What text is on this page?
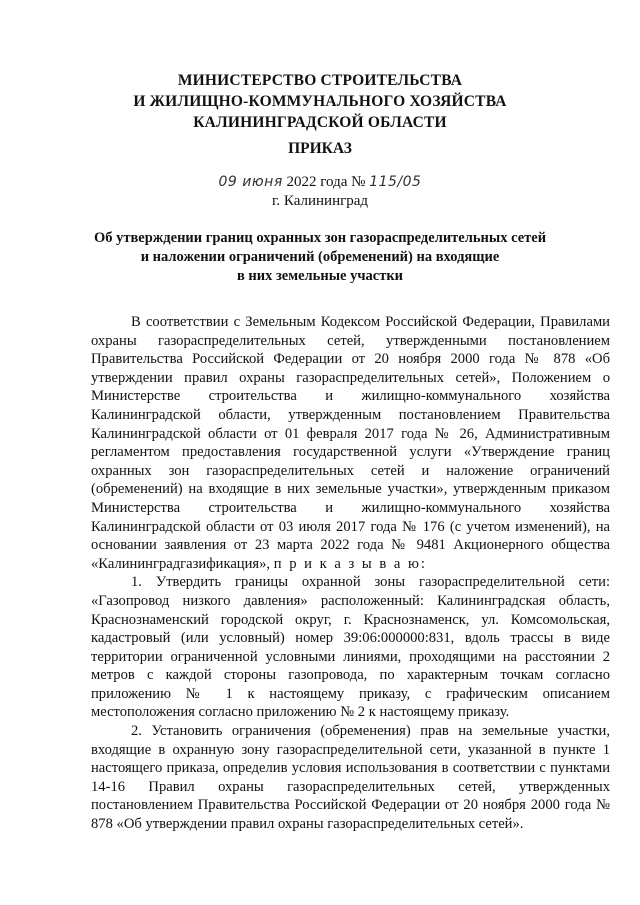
МИНИСТЕРСТВО СТРОИТЕЛЬСТВА
И ЖИЛИЩНО-КОММУНАЛЬНОГО ХОЗЯЙСТВА
КАЛИНИНГРАДСКОЙ ОБЛАСТИ
ПРИКАЗ
09 июня 2022 года № 115/05
г. Калининград
Об утверждении границ охранных зон газораспределительных сетей
и наложении ограничений (обременений) на входящие
в них земельные участки

В соответствии с Земельным Кодексом Российской Федерации, Правилами охраны газораспределительных сетей, утвержденными постановлением Правительства Российской Федерации от 20 ноября 2000 года № 878 «Об утверждении правил охраны газораспределительных сетей», Положением о Министерстве строительства и жилищно-коммунального хозяйства Калининградской области, утвержденным постановлением Правительства Калининградской области от 01 февраля 2017 года № 26, Административным регламентом предоставления государственной услуги «Утверждение границ охранных зон газораспределительных сетей и наложение ограничений (обременений) на входящие в них земельные участки», утвержденным приказом Министерства строительства и жилищно-коммунального хозяйства Калининградской области от 03 июля 2017 года № 176 (с учетом изменений), на основании заявления от 23 марта 2022 года № 9481 Акционерного общества «Калининградгазификация», п р и к а з ы в а ю:

1. Утвердить границы охранной зоны газораспределительной сети: «Газопровод низкого давления» расположенный: Калининградская область, Краснознаменский городской округ, г. Краснознаменск, ул. Комсомольская, кадастровый (или условный) номер 39:06:000000:831, вдоль трассы в виде территории ограниченной условными линиями, проходящими на расстоянии 2 метров с каждой стороны газопровода, по характерным точкам согласно приложению № 1 к настоящему приказу, с графическим описанием местоположения согласно приложению № 2 к настоящему приказу.

2. Установить ограничения (обременения) прав на земельные участки, входящие в охранную зону газораспределительной сети, указанной в пункте 1 настоящего приказа, определив условия использования в соответствии с пунктами 14-16 Правил охраны газораспределительных сетей, утвержденных постановлением Правительства Российской Федерации от 20 ноября 2000 года № 878 «Об утверждении правил охраны газораспределительных сетей».
